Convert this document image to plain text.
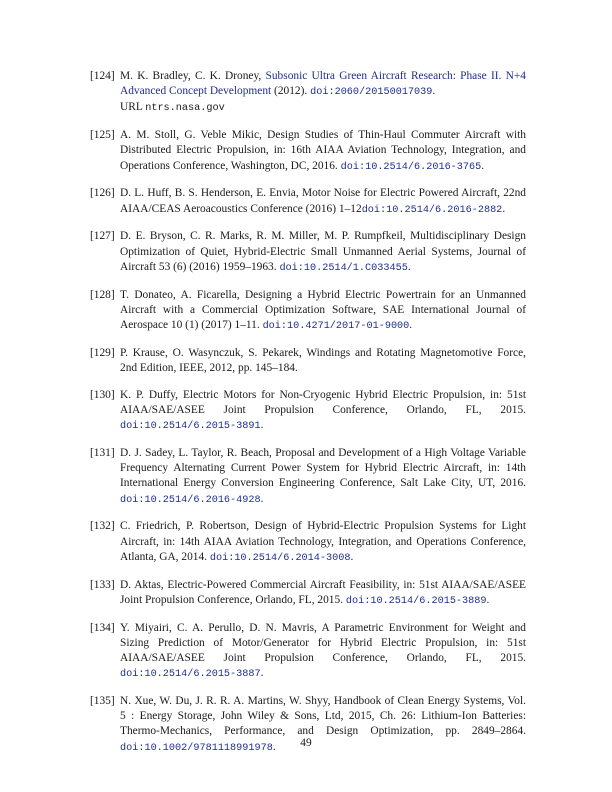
[124] M. K. Bradley, C. K. Droney, Subsonic Ultra Green Aircraft Research: Phase II. N+4 Advanced Concept Development (2012). doi:2060/20150017039.
URL ntrs.nasa.gov
[125] A. M. Stoll, G. Veble Mikic, Design Studies of Thin-Haul Commuter Aircraft with Distributed Electric Propulsion, in: 16th AIAA Aviation Technology, Integration, and Operations Conference, Washington, DC, 2016. doi:10.2514/6.2016-3765.
[126] D. L. Huff, B. S. Henderson, E. Envia, Motor Noise for Electric Powered Aircraft, 22nd AIAA/CEAS Aeroacoustics Conference (2016) 1–12doi:10.2514/6.2016-2882.
[127] D. E. Bryson, C. R. Marks, R. M. Miller, M. P. Rumpfkeil, Multidisciplinary Design Optimization of Quiet, Hybrid-Electric Small Unmanned Aerial Systems, Journal of Aircraft 53 (6) (2016) 1959–1963. doi:10.2514/1.C033455.
[128] T. Donateo, A. Ficarella, Designing a Hybrid Electric Powertrain for an Unmanned Aircraft with a Commercial Optimization Software, SAE International Journal of Aerospace 10 (1) (2017) 1–11. doi:10.4271/2017-01-9000.
[129] P. Krause, O. Wasynczuk, S. Pekarek, Windings and Rotating Magnetomotive Force, 2nd Edition, IEEE, 2012, pp. 145–184.
[130] K. P. Duffy, Electric Motors for Non-Cryogenic Hybrid Electric Propulsion, in: 51st AIAA/SAE/ASEE Joint Propulsion Conference, Orlando, FL, 2015. doi:10.2514/6.2015-3891.
[131] D. J. Sadey, L. Taylor, R. Beach, Proposal and Development of a High Voltage Variable Frequency Alternating Current Power System for Hybrid Electric Aircraft, in: 14th International Energy Conversion Engineering Conference, Salt Lake City, UT, 2016. doi:10.2514/6.2016-4928.
[132] C. Friedrich, P. Robertson, Design of Hybrid-Electric Propulsion Systems for Light Aircraft, in: 14th AIAA Aviation Technology, Integration, and Operations Conference, Atlanta, GA, 2014. doi:10.2514/6.2014-3008.
[133] D. Aktas, Electric-Powered Commercial Aircraft Feasibility, in: 51st AIAA/SAE/ASEE Joint Propulsion Conference, Orlando, FL, 2015. doi:10.2514/6.2015-3889.
[134] Y. Miyairi, C. A. Perullo, D. N. Mavris, A Parametric Environment for Weight and Sizing Prediction of Motor/Generator for Hybrid Electric Propulsion, in: 51st AIAA/SAE/ASEE Joint Propulsion Conference, Orlando, FL, 2015. doi:10.2514/6.2015-3887.
[135] N. Xue, W. Du, J. R. R. A. Martins, W. Shyy, Handbook of Clean Energy Systems, Vol. 5 : Energy Storage, John Wiley & Sons, Ltd, 2015, Ch. 26: Lithium-Ion Batteries: Thermo-Mechanics, Performance, and Design Optimization, pp. 2849–2864. doi:10.1002/9781118991978.	49
